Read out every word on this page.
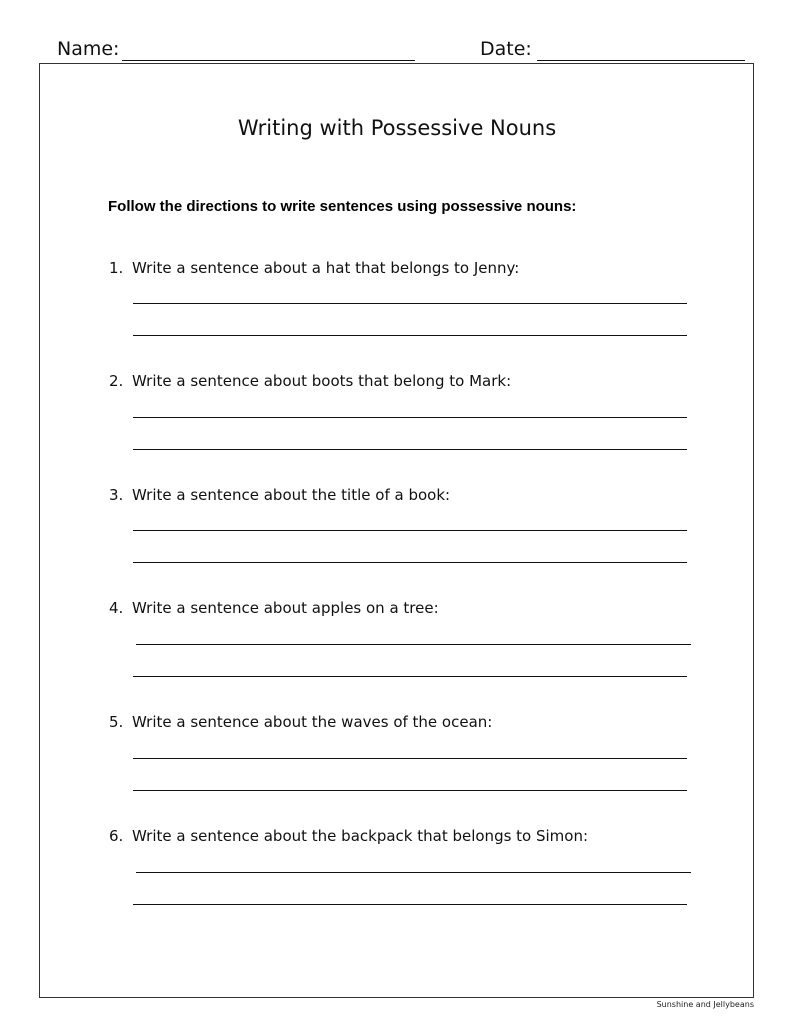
Name:	Date:
Writing with Possessive Nouns
Follow the directions to write sentences using possessive nouns:
1. Write a sentence about a hat that belongs to Jenny:
2. Write a sentence about boots that belong to Mark:
3. Write a sentence about the title of a book:
4. Write a sentence about apples on a tree:
5. Write a sentence about the waves of the ocean:
6. Write a sentence about the backpack that belongs to Simon:
Sunshine and Jellybeans
